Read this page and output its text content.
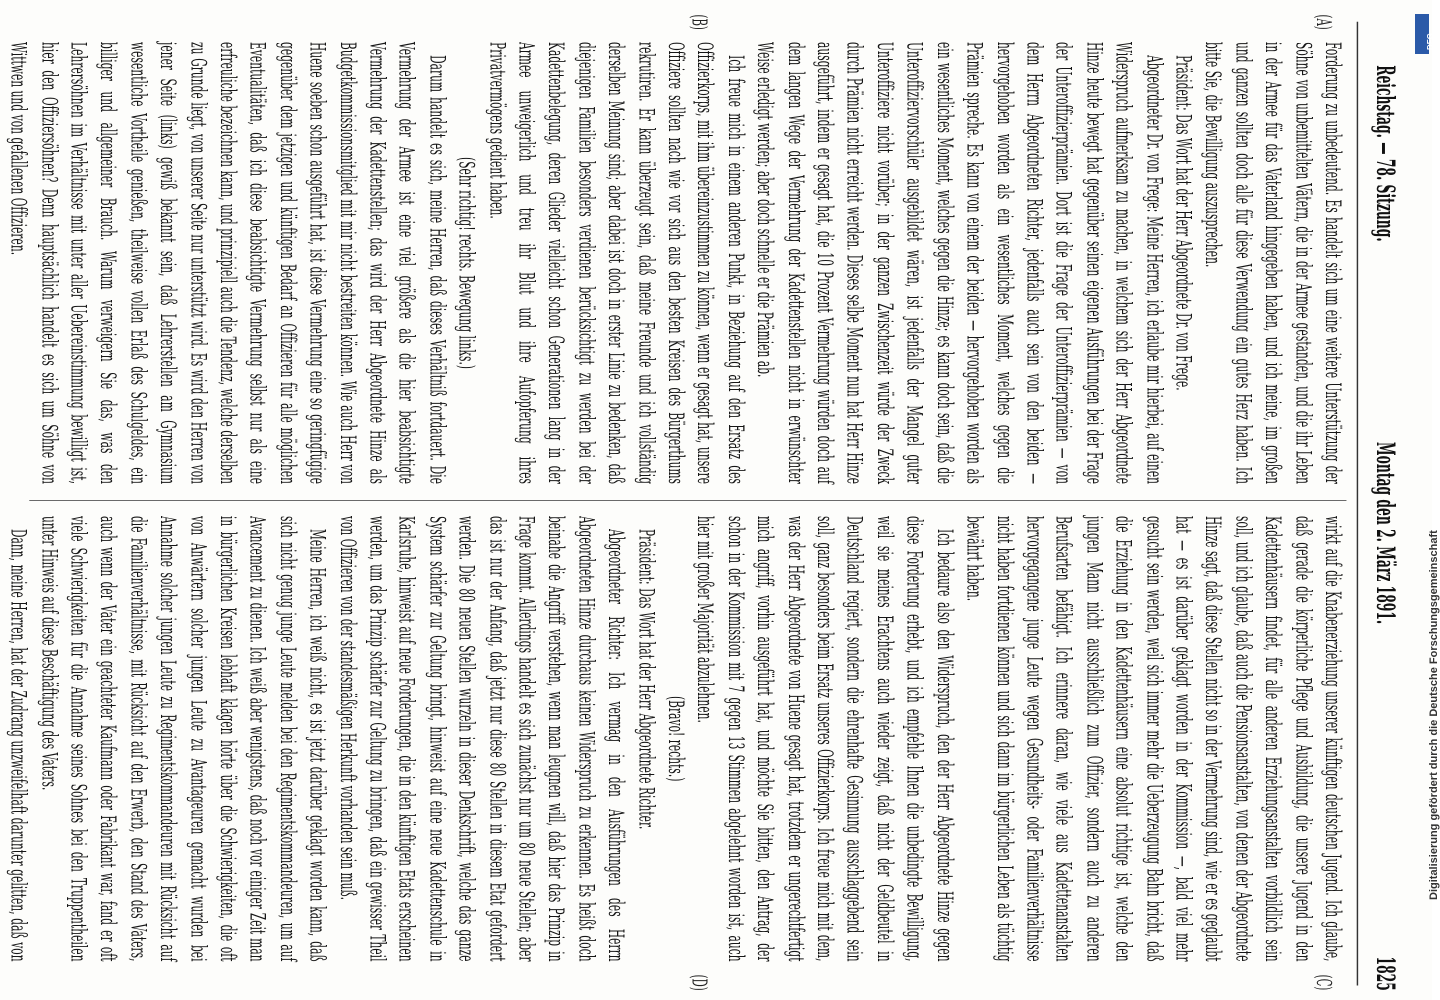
Reichstag. — 78. Sitzung.
Montag den 2. März 1891.
1825
(A)
(B)
(C)
(D)

Forderung zu unbedeutend. Es handelt sich um eine weitere Unterstützung der Söhne von unbemittelten Vätern, die in der Armee gestanden, und die ihr Leben in der Armee für das Vaterland hingegeben haben, und ich meine, im großen und ganzen sollten doch alle für diese Verwendung ein gutes Herz haben. Ich bitte Sie, die Bewilligung auszusprechen.

Präsident: Das Wort hat der Herr Abgeordnete Dr. von Frege.

Abgeordneter Dr. von Frege: Meine Herren, ich erlaube mir hierbei, auf einen Widerspruch aufmerksam zu machen, in welchem sich der Herr Abgeordnete Hinze heute bewegt hat gegenüber seinen eigenen Ausführungen bei der Frage der Unteroffizierprämien. Dort ist die Frage der Unteroffizierprämien — von dem Herrn Abgeordneten Richter, jedenfalls auch sein von den beiden — hervorgehoben worden als ein wesentliches Moment, welches gegen die Prämien spreche. Es kann von einem der beiden — hervorgehoben worden als ein wesentliches Moment, welches gegen die Hinze; es kann doch sein, daß die Unteroffiziervorschüler ausgebildet wären, ist jedenfalls der Mangel guter Unteroffiziere nicht vorüber; in der ganzen Zwischenzeit würde der Zweck durch Prämien nicht erreicht werden. Dieses selbe Moment nun hat Herr Hinze ausgeführt, indem er gesagt hat, die 10 Prozent Vermehrung würden doch auf dem langen Wege der Vermehrung der Kadettenstellen nicht in erwünschter Weise erledigt werden; aber doch schnelle er die Prämien ab.

Ich freue mich in einem anderen Punkt, in Beziehung auf den Ersatz des Offizierkorps, mit ihm übereinzustimmen zu können, wenn er gesagt hat, unsere Offiziere sollten nach wie vor sich aus den besten Kreisen des Bürgerthums rekrutiren. Er kann überzeugt sein, daß meine Freunde und ich vollständig derselben Meinung sind; aber dabei ist doch in erster Linie zu bedenken, daß diejenigen Familien besonders verdienen berücksichtigt zu werden bei der Kadettenbelegung, deren Glieder vielleicht schon Generationen lang in der Armee unweigerlich und treu ihr Blut und ihre Aufopferung ihres Privatvermögens gedient haben.

(Sehr richtig! rechts. Bewegung links.)

Darum handelt es sich, meine Herren, daß dieses Verhältniß fortdauert. Die Vermehrung der Armee ist eine viel größere als die hier beabsichtigte Vermehrung der Kadettenstellen; das wird der Herr Abgeordnete Hinze als Budgetkommissionsmitglied mit mir nicht bestreiten können. Wie auch Herr von Huene soeben schon ausgeführt hat, ist diese Vermehrung eine so geringfügige gegenüber dem jetzigen und künftigen Bedarf an Offizieren für alle möglichen Eventualitäten, daß ich diese beabsichtigte Vermehrung selbst nur als eine erfreuliche bezeichnen kann, und prinzipiell auch die Tendenz, welche derselben zu Grunde liegt, von unserer Seite nur unterstützt wird. Es wird den Herren von jener Seite (links) gewiß bekannt sein, daß Lehrerstellen am Gymnasium wesentliche Vortheile genießen, theilweise vollen Erlaß des Schulgeldes, ein billiger und allgemeiner Brauch. Warum verweigern Sie das, was den Lehrersöhnen im Verhältnisse mit unter aller Uebereinstimmung bewilligt ist, hier den Offiziersöhnen? Denn hauptsächlich handelt es sich um Söhne von Wittwen und von gefallenen Offizieren.

wirkt auf die Knabenerziehung unserer künftigen deutschen Jugend. Ich glaube, daß gerade die körperliche Pflege und Ausbildung, die unsere Jugend in den Kadettenhäusern findet, für alle anderen Erziehungsanstalten vorbildlich sein soll, und ich glaube, daß auch die Pensionsanstalten, von denen der Abgeordnete Hinze sagt, daß diese Stellen nicht so in der Vermehrung sind, wie er es geglaubt hat — es ist darüber geklagt worden in der Kommission —, bald viel mehr gesucht sein werden, weil sich immer mehr die Ueberzeugung Bahn bricht, daß die Erziehung in den Kadettenhäusern eine absolut richtige ist, welche den jungen Mann nicht ausschließlich zum Offizier, sondern auch zu anderen Berufsarten befähigt. Ich erinnere daran, wie viele aus Kadettenanstalten hervorgegangene junge Leute wegen Gesundheits- oder Familienverhältnisse nicht haben fortdienen können und sich dann im bürgerlichen Leben als tüchtig bewährt haben.

Ich bedaure also den Widerspruch, den der Herr Abgeordnete Hinze gegen diese Forderung erhebt, und ich empfehle Ihnen die unbedingte Bewilligung, weil sie meines Erachtens auch wieder zeigt, daß nicht der Geldbeutel in Deutschland regiert, sondern die ehrenhafte Gesinnung ausschlaggebend sein soll, ganz besonders beim Ersatz unseres Offizierkorps. Ich freue mich mit dem, was der Herr Abgeordnete von Huene gesagt hat, trotzdem er ungerechtfertigt mich angriff, vorhin ausgeführt hat, und möchte Sie bitten, den Antrag, der schon in der Kommission mit 7 gegen 13 Stimmen abgelehnt worden ist, auch hier mit großer Majorität abzulehnen.

(Bravo! rechts.)

Präsident: Das Wort hat der Herr Abgeordnete Richter.

Abgeordneter Richter: Ich vermag in den Ausführungen des Herrn Abgeordneten Hinze durchaus keinen Widerspruch zu erkennen. Es heißt doch beinahe die Angriff verstehen, wenn man leugnen will, daß hier das Prinzip in Frage kommt. Allerdings handelt es sich zunächst nur um 80 neue Stellen; aber das ist nur der Anfang, daß jetzt nur diese 80 Stellen in diesem Etat gefordert werden. Die 80 neuen Stellen wurzeln in dieser Denkschrift, welche das ganze System schärfer zur Geltung bringt, hinweist auf eine neue Kadettenschule in Karlsruhe, hinweist auf neue Forderungen, die in den künftigen Etats erscheinen werden, um das Prinzip schärfer zur Geltung zu bringen, daß ein gewisser Theil von Offizieren von der standesmäßigen Herkunft vorhanden sein muß.

Meine Herren, ich weiß nicht, es ist jetzt darüber geklagt worden kann, daß sich nicht genug junge Leute melden bei den Regimentskommandeuren, um auf Avancement zu dienen. Ich weiß aber wenigstens, daß noch vor einiger Zeit man in bürgerlichen Kreisen lebhaft klagen hörte über die Schwierigkeiten, die oft von Anwärtern solcher jungen Leute zu Avantageuren gemacht wurden bei Annahme solcher jungen Leute zu Regimentskommandeuren mit Rücksicht auf die Familienverhältnisse, mit Rücksicht auf den Erwerb, den Stand des Vaters, auch wenn der Vater ein geachteter Kaufmann oder Fabrikant war, fand er oft viele Schwierigkeiten für die Annahme seines Sohnes bei den Truppentheilen unter Hinweis auf diese Beschäftigung des Vaters.

Dann, meine Herren, hat der Zudrang unzweifelhaft darunter gelitten, daß von

Digitalisierung gefördert durch die Deutsche Forschungsgemeinschaft
DFG
